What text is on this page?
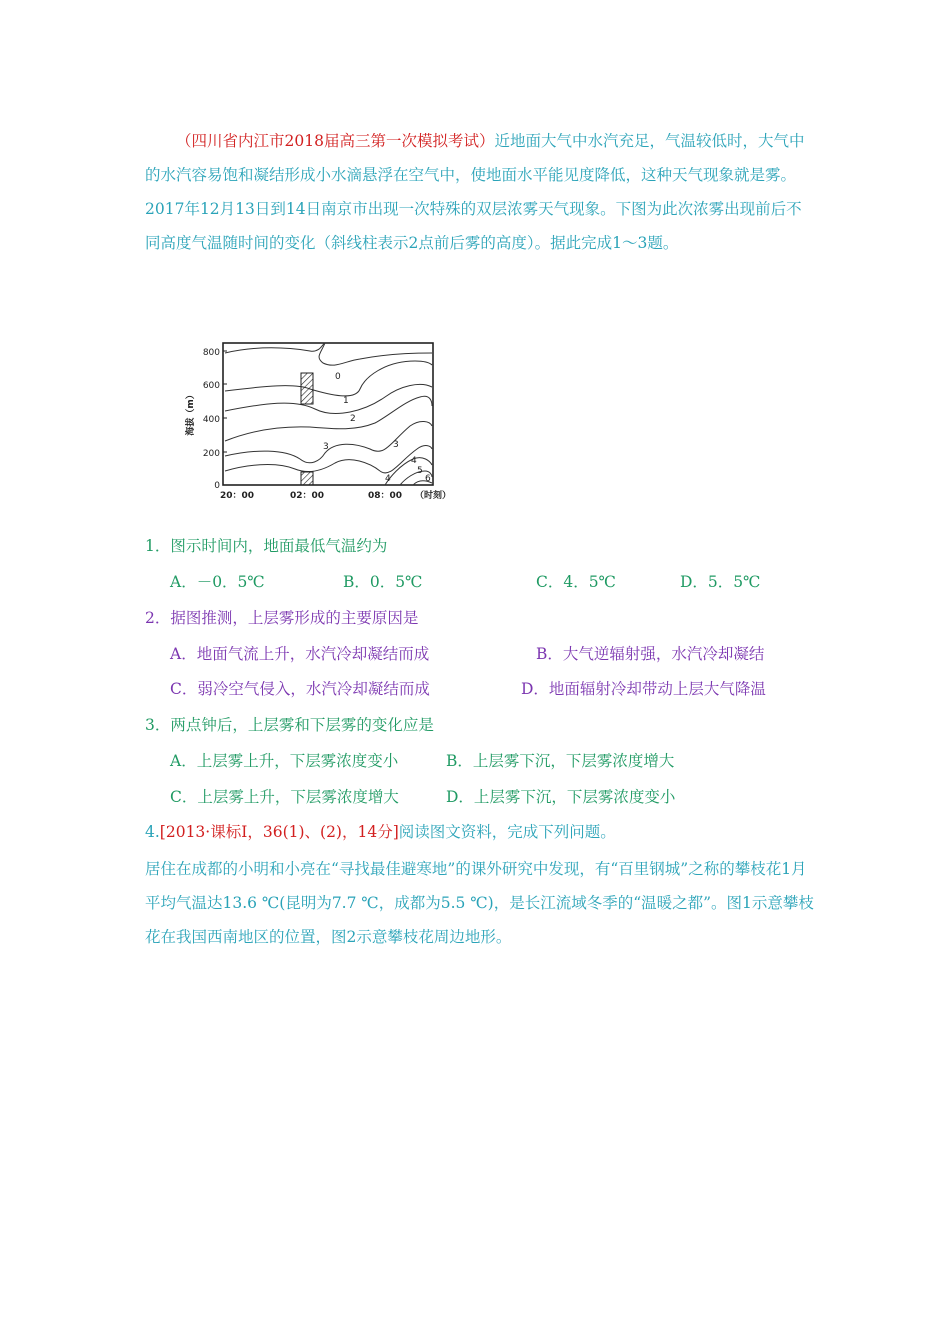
（四川省内江市2018届高三第一次模拟考试）近地面大气中水汽充足，气温较低时，大气中的水汽容易饱和凝结形成小水滴悬浮在空气中，使地面水平能见度降低，这种天气现象就是雾。2017年12月13日到14日南京市出现一次特殊的双层浓雾天气现象。下图为此次浓雾出现前后不同高度气温随时间的变化（斜线柱表示2点前后雾的高度）。据此完成1～3题。
800
600
400
200
0
海拔（m）
20：00	02：00	08：00 （时刻）
0
1
2
3	3
4
5
6
4
1．图示时间内，地面最低气温约为
A．－0．5℃	B．0．5℃	C．4．5℃	D．5．5℃
2．据图推测，上层雾形成的主要原因是
A．地面气流上升，水汽冷却凝结而成	B．大气逆辐射强，水汽冷却凝结
C．弱冷空气侵入，水汽冷却凝结而成	D．地面辐射冷却带动上层大气降温
3．两点钟后，上层雾和下层雾的变化应是
A．上层雾上升，下层雾浓度变小	B．上层雾下沉，下层雾浓度增大
C．上层雾上升，下层雾浓度增大	D．上层雾下沉，下层雾浓度变小
4.[2013·课标Ⅰ，36(1)、(2)，14分]阅读图文资料，完成下列问题。
居住在成都的小明和小亮在“寻找最佳避寒地”的课外研究中发现，有“百里钢城”之称的攀枝花1月平均气温达13.6 ℃(昆明为7.7 ℃，成都为5.5 ℃)，是长江流域冬季的“温暖之都”。图1示意攀枝花在我国西南地区的位置，图2示意攀枝花周边地形。
